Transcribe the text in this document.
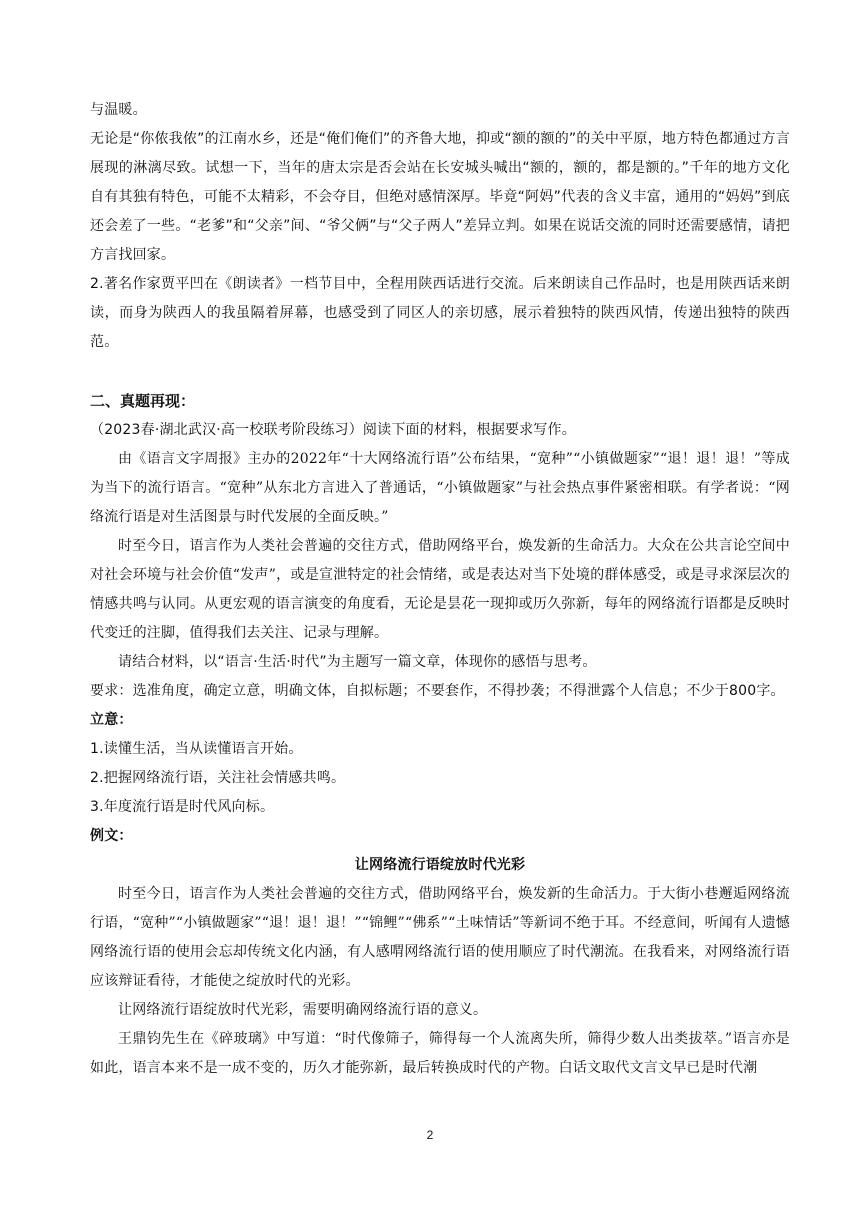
与温暖。

无论是“你侬我侬”的江南水乡，还是“俺们俺们”的齐鲁大地，抑或“额的额的”的关中平原，地方特色都通过方言展现的淋漓尽致。试想一下，当年的唐太宗是否会站在长安城头喊出“额的，额的，都是额的。”千年的地方文化自有其独有特色，可能不太精彩，不会夺目，但绝对感情深厚。毕竟“阿妈”代表的含义丰富，通用的“妈妈”到底还会差了一些。“老爹”和“父亲”间、“爷父俩”与“父子两人”差异立判。如果在说话交流的同时还需要感情，请把方言找回家。

2.著名作家贾平凹在《朗读者》一档节目中，全程用陕西话进行交流。后来朗读自己作品时，也是用陕西话来朗读，而身为陕西人的我虽隔着屏幕，也感受到了同区人的亲切感，展示着独特的陕西风情，传递出独特的陕西范。

二、真题再现：

（2023春·湖北武汉·高一校联考阶段练习）阅读下面的材料，根据要求写作。

由《语言文字周报》主办的2022年“十大网络流行语”公布结果，“宽种”“小镇做题家”“退！退！退！”等成为当下的流行语言。“宽种”从东北方言进入了普通话，“小镇做题家”与社会热点事件紧密相联。有学者说：“网络流行语是对生活图景与时代发展的全面反映。”

时至今日，语言作为人类社会普遍的交往方式，借助网络平台，焕发新的生命活力。大众在公共言论空间中对社会环境与社会价值“发声”，或是宣泄特定的社会情绪，或是表达对当下处境的群体感受，或是寻求深层次的情感共鸣与认同。从更宏观的语言演变的角度看，无论是昙花一现抑或历久弥新，每年的网络流行语都是反映时代变迁的注脚，值得我们去关注、记录与理解。

请结合材料，以“语言·生活·时代”为主题写一篇文章，体现你的感悟与思考。

要求：选准角度，确定立意，明确文体，自拟标题；不要套作，不得抄袭；不得泄露个人信息；不少于800字。

立意：

1.读懂生活，当从读懂语言开始。

2.把握网络流行语，关注社会情感共鸣。

3.年度流行语是时代风向标。

例文：

让网络流行语绽放时代光彩

时至今日，语言作为人类社会普遍的交往方式，借助网络平台，焕发新的生命活力。于大街小巷邂逅网络流行语，“宽种”“小镇做题家”“退！退！退！”“锦鲤”“佛系”“土味情话”等新词不绝于耳。不经意间，听闻有人遗憾网络流行语的使用会忘却传统文化内涵，有人感喟网络流行语的使用顺应了时代潮流。在我看来，对网络流行语应该辩证看待，才能使之绽放时代的光彩。

让网络流行语绽放时代光彩，需要明确网络流行语的意义。

王鼎钧先生在《碎玻璃》中写道：“时代像筛子，筛得每一个人流离失所，筛得少数人出类拔萃。”语言亦是如此，语言本来不是一成不变的，历久才能弥新，最后转换成时代的产物。白话文取代文言文早已是时代潮

2
